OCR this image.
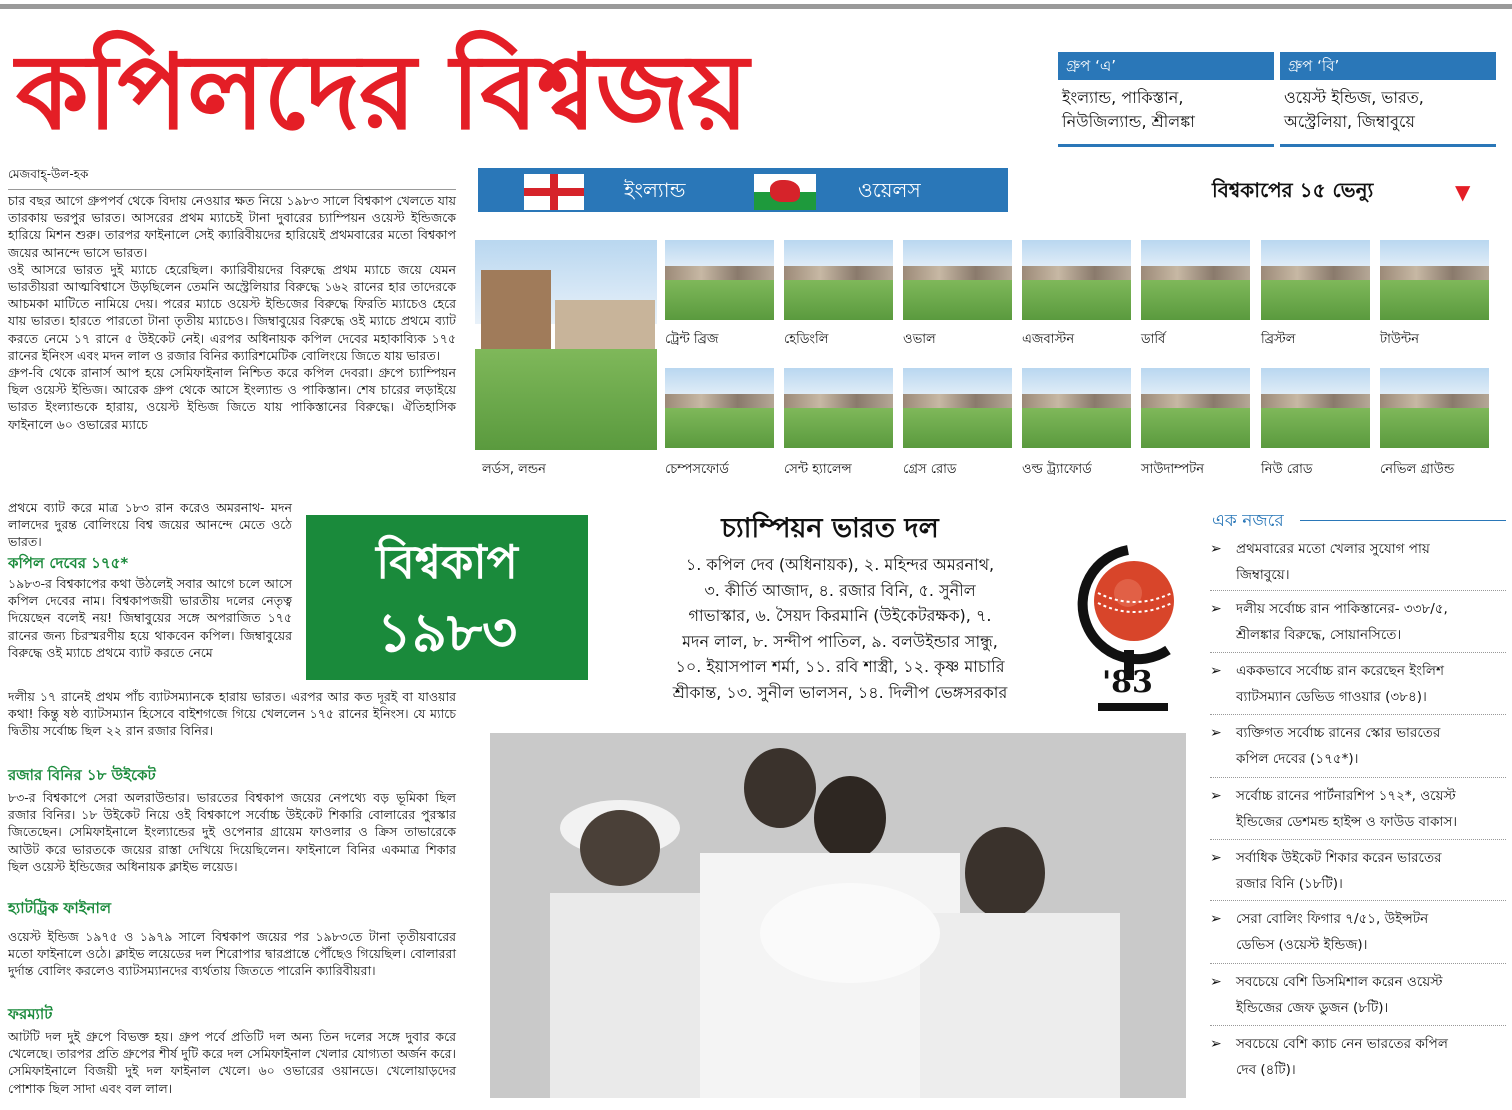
কপিলদের বিশ্বজয়	গ্রুপ ‘এ’
ইংল্যান্ড, পাকিস্তান,
নিউজিল্যান্ড, শ্রীলঙ্কা
গ্রুপ ‘বি’
ওয়েস্ট ইন্ডিজ, ভারত,
অস্ট্রেলিয়া, জিম্বাবুয়ে
মেজবাহ্-উল-হক

চার বছর আগে গ্রুপপর্ব থেকে বিদায় নেওয়ার ক্ষত নিয়ে ১৯৮৩ সালে বিশ্বকাপ খেলতে যায় তারকায় ভরপুর ভারত। আসরের প্রথম ম্যাচেই টানা দুবারের চ্যাম্পিয়ন ওয়েস্ট ইন্ডিজকে হারিয়ে মিশন শুরু। তারপর ফাইনালে সেই ক্যারিবীয়দের হারিয়েই প্রথমবারের মতো বিশ্বকাপ জয়ের আনন্দে ভাসে ভারত।

ওই আসরে ভারত দুই ম্যাচে হেরেছিল। ক্যারিবীয়দের বিরুদ্ধে প্রথম ম্যাচে জয়ে যেমন ভারতীয়রা আত্মবিশ্বাসে উড়ছিলেন তেমনি অস্ট্রেলিয়ার বিরুদ্ধে ১৬২ রানের হার তাদেরকে আচমকা মাটিতে নামিয়ে দেয়। পরের ম্যাচে ওয়েস্ট ইন্ডিজের বিরুদ্ধে ফিরতি ম্যাচেও হেরে যায় ভারত। হারতে পারতো টানা তৃতীয় ম্যাচেও। জিম্বাবুয়ের বিরুদ্ধে ওই ম্যাচে প্রথমে ব্যাট করতে নেমে ১৭ রানে ৫ উইকেট নেই। এরপর অধিনায়ক কপিল দেবের মহাকাব্যিক ১৭৫ রানের ইনিংস এবং মদন লাল ও রজার বিনির ক্যারিশমেটিক বোলিংয়ে জিতে যায় ভারত।

গ্রুপ-বি থেকে রানার্স আপ হয়ে সেমিফাইনাল নিশ্চিত করে কপিল দেবরা। গ্রুপে চ্যাম্পিয়ন ছিল ওয়েস্ট ইন্ডিজ। আরেক গ্রুপ থেকে আসে ইংল্যান্ড ও পাকিস্তান। শেষ চারের লড়াইয়ে ভারত ইংল্যান্ডকে হারায়, ওয়েস্ট ইন্ডিজ জিতে যায় পাকিস্তানের বিরুদ্ধে। ঐতিহাসিক ফাইনালে ৬০ ওভারের ম্যাচে

প্রথমে ব্যাট করে মাত্র ১৮৩ রান করেও অমরনাথ- মদন লালদের দুরন্ত বোলিংয়ে বিশ্ব জয়ের আনন্দে মেতে ওঠে ভারত।

কপিল দেবের ১৭৫*
১৯৮৩-র বিশ্বকাপের কথা উঠলেই সবার আগে চলে আসে কপিল দেবের নাম। বিশ্বকাপজয়ী ভারতীয় দলের নেতৃত্ব দিয়েছেন বলেই নয়! জিম্বাবুয়ের সঙ্গে অপরাজিত ১৭৫ রানের জন্য চিরস্মরণীয় হয়ে থাকবেন কপিল। জিম্বাবুয়ের বিরুদ্ধে ওই ম্যাচে প্রথমে ব্যাট করতে নেমে
দলীয় ১৭ রানেই প্রথম পাঁচ ব্যাটসম্যানকে হারায় ভারত। এরপর আর কত দূরই বা যাওয়ার কথা! কিন্তু ষষ্ঠ ব্যাটসম্যান হিসেবে বাইশগজে গিয়ে খেললেন ১৭৫ রানের ইনিংস। যে ম্যাচে দ্বিতীয় সর্বোচ্চ ছিল ২২ রান রজার বিনির।
রজার বিনির ১৮ উইকেট
৮৩-র বিশ্বকাপে সেরা অলরাউন্ডার। ভারতের বিশ্বকাপ জয়ের নেপথ্যে বড় ভূমিকা ছিল রজার বিনির। ১৮ উইকেট নিয়ে ওই বিশ্বকাপে সর্বোচ্চ উইকেট শিকারি বোলারের পুরস্কার জিতেছেন। সেমিফাইনালে ইংল্যান্ডের দুই ওপেনার গ্রায়েম ফাওলার ও ক্রিস তাভারেকে আউট করে ভারতকে জয়ের রাস্তা দেখিয়ে দিয়েছিলেন। ফাইনালে বিনির একমাত্র শিকার ছিল ওয়েস্ট ইন্ডিজের অধিনায়ক ক্লাইভ লয়েড।
হ্যাটট্রিক ফাইনাল
ওয়েস্ট ইন্ডিজ ১৯৭৫ ও ১৯৭৯ সালে বিশ্বকাপ জয়ের পর ১৯৮৩তে টানা তৃতীয়বারের মতো ফাইনালে ওঠে। ক্লাইভ লয়েডের দল শিরোপার দ্বারপ্রান্তে পৌঁছেও গিয়েছিল। বোলাররা দুর্দান্ত বোলিং করলেও ব্যাটসম্যানদের ব্যর্থতায় জিততে পারেনি ক্যারিবীয়রা।
ফরম্যাট
আটটি দল দুই গ্রুপে বিভক্ত হয়। গ্রুপ পর্বে প্রতিটি দল অন্য তিন দলের সঙ্গে দুবার করে খেলেছে। তারপর প্রতি গ্রুপের শীর্ষ দুটি করে দল সেমিফাইনাল খেলার যোগ্যতা অর্জন করে। সেমিফাইনালে বিজয়ী দুই দল ফাইনাল খেলে। ৬০ ওভারের ওয়ানডে। খেলোয়াড়দের পোশাক ছিল সাদা এবং বল লাল।
ইংল্যান্ড	ওয়েলস	বিশ্বকাপের ১৫ ভেন্যু	▼
লর্ডস, লন্ডন
ট্রেন্ট ব্রিজ	হেডিংলি	ওভাল	এজবাস্টন	ডার্বি	ব্রিস্টল	টাউন্টন
চেম্পসফোর্ড	সেন্ট হ্যালেন্স	গ্রেস রোড	ওল্ড ট্র্যাফোর্ড	সাউদাম্পটন	নিউ রোড	নেভিল গ্রাউন্ড
বিশ্বকাপ
১৯৮৩
চ্যাম্পিয়ন ভারত দল
১. কপিল দেব (অধিনায়ক), ২. মহিন্দর অমরনাথ,
৩. কীর্তি আজাদ, ৪. রজার বিনি, ৫. সুনীল
গাভাস্কার, ৬. সৈয়দ কিরমানি (উইকেটরক্ষক), ৭.
মদন লাল, ৮. সন্দীপ পাতিল, ৯. বলউইন্ডার সান্ধু,
১০. ইয়াসপাল শর্মা, ১১. রবি শাস্ত্রী, ১২. কৃষ্ণ মাচারি
শ্রীকান্ত, ১৩. সুনীল ভালসন, ১৪. দিলীপ ভেঙ্গসরকার	'83
এক নজরে
➢ প্রথমবারের মতো খেলার সুযোগ পায়
জিম্বাবুয়ে।
➢ দলীয় সর্বোচ্চ রান পাকিস্তানের- ৩৩৮/৫,
শ্রীলঙ্কার বিরুদ্ধে, সোয়ানসিতে।
➢ এককভাবে সর্বোচ্চ রান করেছেন ইংলিশ
ব্যাটসম্যান ডেভিড গাওয়ার (৩৮৪)।
➢ ব্যক্তিগত সর্বোচ্চ রানের স্কোর ভারতের
কপিল দেবের (১৭৫*)।
➢ সর্বোচ্চ রানের পার্টনারশিপ ১৭২*, ওয়েস্ট
ইন্ডিজের ডেশমন্ড হাইন্স ও ফাউড বাকাস।
➢ সর্বাধিক উইকেট শিকার করেন ভারতের
রজার বিনি (১৮টি)।
➢ সেরা বোলিং ফিগার ৭/৫১, উইন্সটন
ডেভিস (ওয়েস্ট ইন্ডিজ)।
➢ সবচেয়ে বেশি ডিসমিশাল করেন ওয়েস্ট
ইন্ডিজের জেফ ডুজন (৮টি)।
➢ সবচেয়ে বেশি ক্যাচ নেন ভারতের কপিল
দেব (৪টি)।
